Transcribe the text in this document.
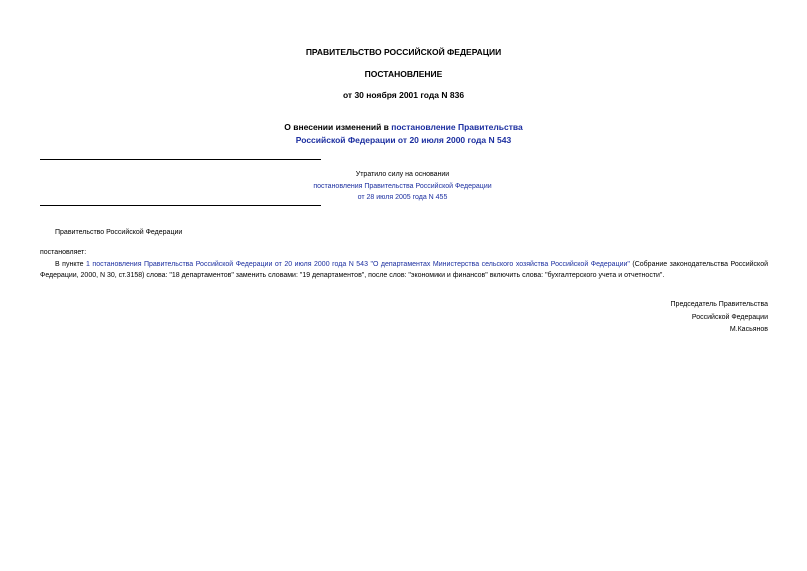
ПРАВИТЕЛЬСТВО РОССИЙСКОЙ ФЕДЕРАЦИИ
ПОСТАНОВЛЕНИЕ
от 30 ноября 2001 года N 836
О внесении изменений в постановление Правительства
Российской Федерации от 20 июля 2000 года N 543
Утратило силу на основании
постановления Правительства Российской Федерации
от 28 июля 2005 года N 455
Правительство Российской Федерации
постановляет:
В пункте 1 постановления Правительства Российской Федерации от 20 июля 2000 года N 543 "О департаментах Министерства сельского хозяйства Российской Федерации" (Собрание законодательства Российской Федерации, 2000, N 30, ст.3158) слова: "18 департаментов" заменить словами: "19 департаментов", после слов: "экономики и финансов" включить слова: "бухгалтерского учета и отчетности".
Председатель Правительства
Российской Федерации
М.Касьянов
